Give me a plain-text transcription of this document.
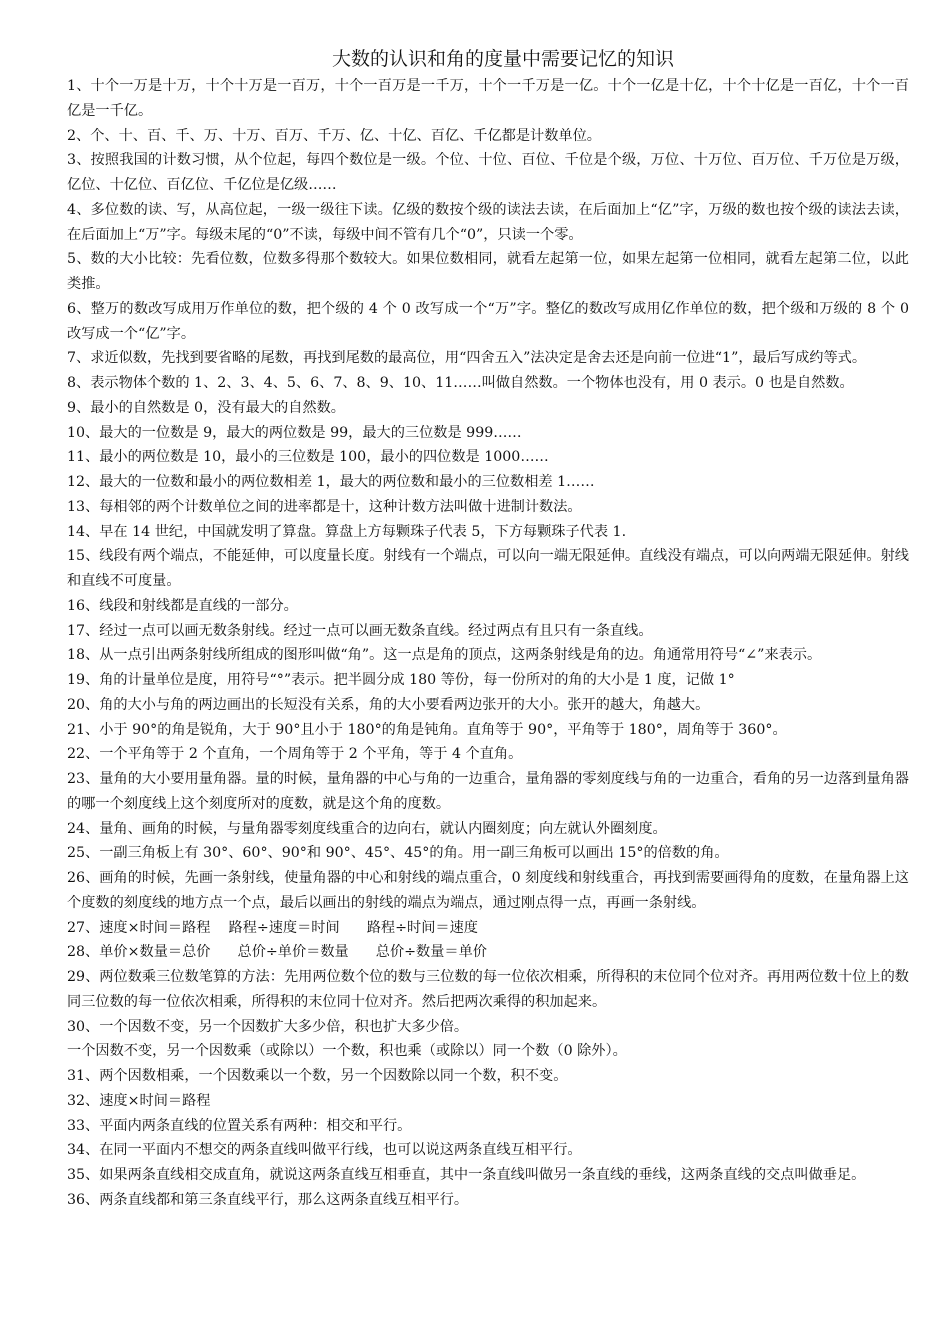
大数的认识和角的度量中需要记忆的知识

1、十个一万是十万，十个十万是一百万，十个一百万是一千万，十个一千万是一亿。十个一亿是十亿，十个十亿是一百亿，十个一百亿是一千亿。

2、个、十、百、千、万、十万、百万、千万、亿、十亿、百亿、千亿都是计数单位。

3、按照我国的计数习惯，从个位起，每四个数位是一级。个位、十位、百位、千位是个级，万位、十万位、百万位、千万位是万级，亿位、十亿位、百亿位、千亿位是亿级……

4、多位数的读、写，从高位起，一级一级往下读。亿级的数按个级的读法去读，在后面加上“亿”字，万级的数也按个级的读法去读，在后面加上“万”字。每级末尾的“0”不读，每级中间不管有几个“0”，只读一个零。

5、数的大小比较：先看位数，位数多得那个数较大。如果位数相同，就看左起第一位，如果左起第一位相同，就看左起第二位，以此类推。

6、整万的数改写成用万作单位的数，把个级的 4 个 0 改写成一个“万”字。整亿的数改写成用亿作单位的数，把个级和万级的 8 个 0 改写成一个“亿”字。

7、求近似数，先找到要省略的尾数，再找到尾数的最高位，用“四舍五入”法决定是舍去还是向前一位进“1”，最后写成约等式。

8、表示物体个数的 1、2、3、4、5、6、7、8、9、10、11……叫做自然数。一个物体也没有，用 0 表示。0 也是自然数。

9、最小的自然数是 0，没有最大的自然数。

10、最大的一位数是 9，最大的两位数是 99，最大的三位数是 999……

11、最小的两位数是 10，最小的三位数是 100，最小的四位数是 1000……

12、最大的一位数和最小的两位数相差 1，最大的两位数和最小的三位数相差 1……

13、每相邻的两个计数单位之间的进率都是十，这种计数方法叫做十进制计数法。

14、早在 14 世纪，中国就发明了算盘。算盘上方每颗珠子代表 5，下方每颗珠子代表 1.

15、线段有两个端点，不能延伸，可以度量长度。射线有一个端点，可以向一端无限延伸。直线没有端点，可以向两端无限延伸。射线和直线不可度量。

16、线段和射线都是直线的一部分。

17、经过一点可以画无数条射线。经过一点可以画无数条直线。经过两点有且只有一条直线。

18、从一点引出两条射线所组成的图形叫做“角”。这一点是角的顶点，这两条射线是角的边。角通常用符号“∠”来表示。

19、角的计量单位是度，用符号“°”表示。把半圆分成 180 等份，每一份所对的角的大小是 1 度，记做 1°

20、角的大小与角的两边画出的长短没有关系，角的大小要看两边张开的大小。张开的越大，角越大。

21、小于 90°的角是锐角，大于 90°且小于 180°的角是钝角。直角等于 90°，平角等于 180°，周角等于 360°。

22、一个平角等于 2 个直角，一个周角等于 2 个平角，等于 4 个直角。

23、量角的大小要用量角器。量的时候，量角器的中心与角的一边重合，量角器的零刻度线与角的一边重合，看角的另一边落到量角器的哪一个刻度线上这个刻度所对的度数，就是这个角的度数。

24、量角、画角的时候，与量角器零刻度线重合的边向右，就认内圈刻度；向左就认外圈刻度。

25、一副三角板上有 30°、60°、90°和 90°、45°、45°的角。用一副三角板可以画出 15°的倍数的角。

26、画角的时候，先画一条射线，使量角器的中心和射线的端点重合，0 刻度线和射线重合，再找到需要画得角的度数，在量角器上这个度数的刻度线的地方点一个点，最后以画出的射线的端点为端点，通过刚点得一点，再画一条射线。

27、速度×时间＝路程    路程÷速度＝时间      路程÷时间＝速度

28、单价×数量＝总价      总价÷单价＝数量      总价÷数量＝单价

29、两位数乘三位数笔算的方法：先用两位数个位的数与三位数的每一位依次相乘，所得积的末位同个位对齐。再用两位数十位上的数同三位数的每一位依次相乘，所得积的末位同十位对齐。然后把两次乘得的积加起来。

30、一个因数不变，另一个因数扩大多少倍，积也扩大多少倍。

一个因数不变，另一个因数乘（或除以）一个数，积也乘（或除以）同一个数（0 除外）。

31、两个因数相乘，一个因数乘以一个数，另一个因数除以同一个数，积不变。

32、速度×时间＝路程

33、平面内两条直线的位置关系有两种：相交和平行。

34、在同一平面内不想交的两条直线叫做平行线，也可以说这两条直线互相平行。

35、如果两条直线相交成直角，就说这两条直线互相垂直，其中一条直线叫做另一条直线的垂线，这两条直线的交点叫做垂足。

36、两条直线都和第三条直线平行，那么这两条直线互相平行。
